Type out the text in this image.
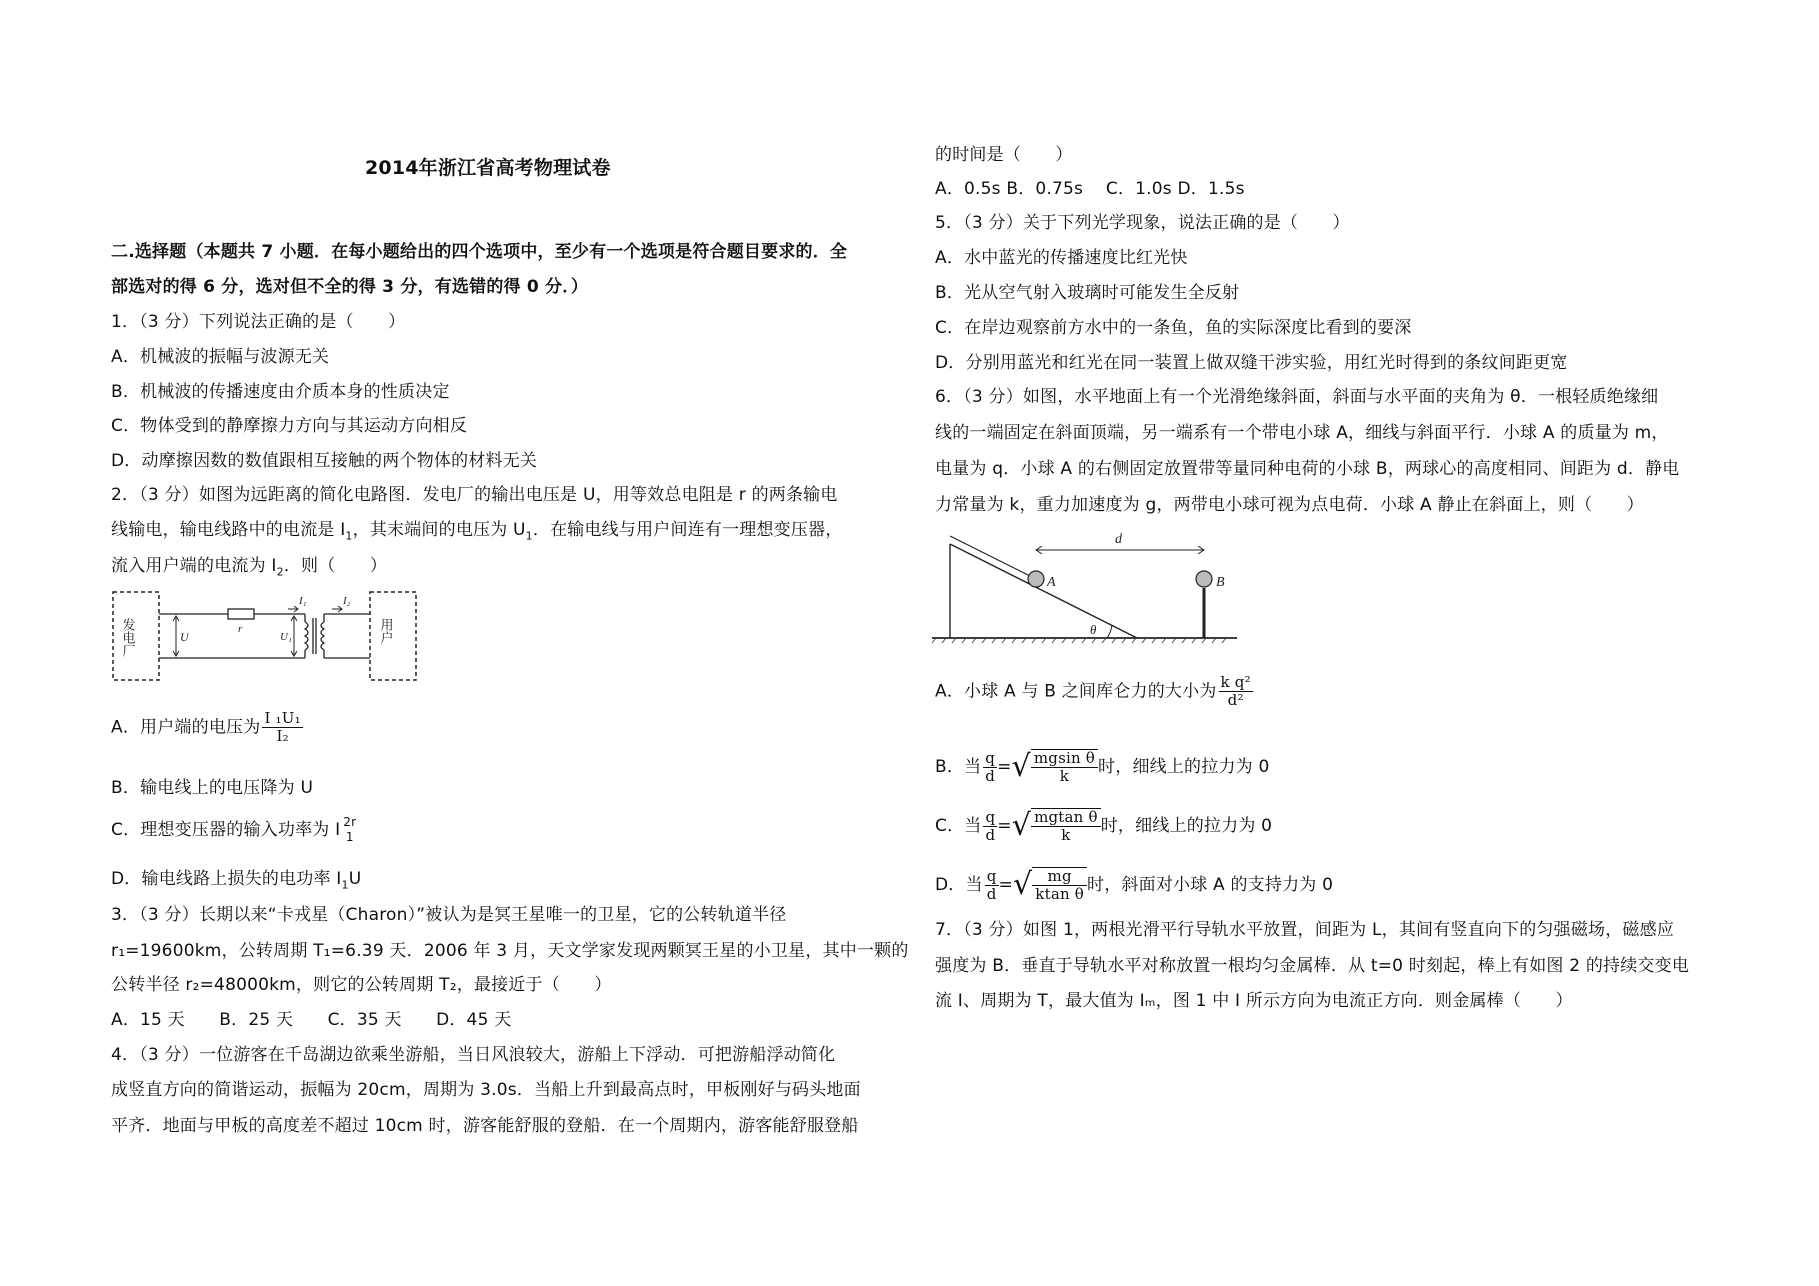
2014年浙江省高考物理试卷
二.选择题（本题共 7 小题．在每小题给出的四个选项中，至少有一个选项是符合题目要求的．全
部选对的得 6 分，选对但不全的得 3 分，有选错的得 0 分．）
1．（3 分）下列说法正确的是（　　）
A．机械波的振幅与波源无关
B．机械波的传播速度由介质本身的性质决定
C．物体受到的静摩擦力方向与其运动方向相反
D．动摩擦因数的数值跟相互接触的两个物体的材料无关
2．（3 分）如图为远距离的简化电路图．发电厂的输出电压是 U，用等效总电阻是 r 的两条输电
线输电，输电线路中的电流是 $I_1$，其末端间的电压为 $U_1$．在输电线与用户间连有一理想变压器，
流入用户端的电流为 $I_2$．则（　　）
发电厂	用户
U
r
I₁
U₁
I₂
A．用户端的电压为 $\frac{\text{I ₁U₁}}{\text{I₂}}$
B．输电线上的电压降为 U
C．理想变压器的输入功率为 I 2r
1
D．输电线路上损失的电功率 $I_1U$
3．（3 分）长期以来“卡戎星（Charon）”被认为是冥王星唯一的卫星，它的公转轨道半径
r₁=19600km，公转周期 T₁=6.39 天．2006 年 3 月，天文学家发现两颗冥王星的小卫星，其中一颗的
公转半径 r₂=48000km，则它的公转周期 T₂，最接近于（　　）
A．15 天　　B．25 天　　C．35 天　　D．45 天
4．（3 分）一位游客在千岛湖边欲乘坐游船，当日风浪较大，游船上下浮动．可把游船浮动简化
成竖直方向的简谐运动，振幅为 20cm，周期为 3.0s．当船上升到最高点时，甲板刚好与码头地面
平齐．地面与甲板的高度差不超过 10cm 时，游客能舒服的登船．在一个周期内，游客能舒服登船
的时间是（　　）
A．0.5s B．0.75s　 C．1.0s D．1.5s
5．（3 分）关于下列光学现象，说法正确的是（　　）
A．水中蓝光的传播速度比红光快
B．光从空气射入玻璃时可能发生全反射
C．在岸边观察前方水中的一条鱼，鱼的实际深度比看到的要深
D．分别用蓝光和红光在同一装置上做双缝干涉实验，用红光时得到的条纹间距更宽
6．（3 分）如图，水平地面上有一个光滑绝缘斜面，斜面与水平面的夹角为 θ．一根轻质绝缘细
线的一端固定在斜面顶端，另一端系有一个带电小球 A，细线与斜面平行．小球 A 的质量为 m，
电量为 q．小球 A 的右侧固定放置带等量同种电荷的小球 B，两球心的高度相同、间距为 d．静电
力常量为 k，重力加速度为 g，两带电小球可视为点电荷．小球 A 静止在斜面上，则（　　）
d
A	B
θ
A．小球 A 与 B 之间库仑力的大小为 $\frac{\text{k q²}}{\text{d²}}$
B．当 $\frac{q}{d}$ =√ $\frac{\text{mgsin θ}}{k}$ 时，细线上的拉力为 0
C．当 $\frac{q}{d}$ =√ $\frac{\text{mgtan θ}}{k}$ 时，细线上的拉力为 0
D．当 $\frac{q}{d}$ =√ $\frac{mg}{\text{ktan θ}}$ 时，斜面对小球 A 的支持力为 0
7．（3 分）如图 1，两根光滑平行导轨水平放置，间距为 L，其间有竖直向下的匀强磁场，磁感应
强度为 B．垂直于导轨水平对称放置一根均匀金属棒．从 t=0 时刻起，棒上有如图 2 的持续交变电
流 I、周期为 T，最大值为 Iₘ，图 1 中 I 所示方向为电流正方向．则金属棒（　　）
